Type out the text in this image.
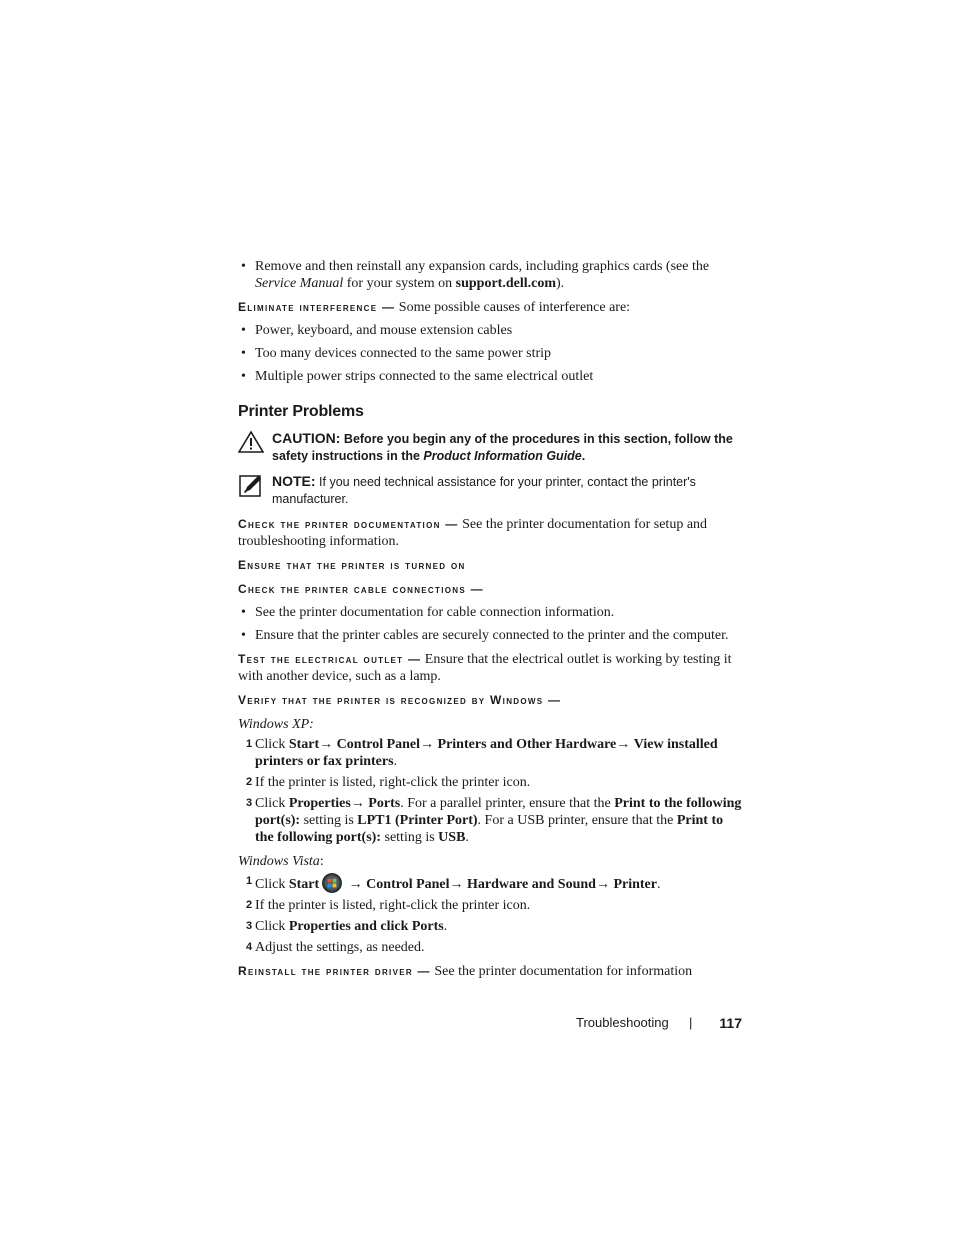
• Remove and then reinstall any expansion cards, including graphics cards (see the Service Manual for your system on support.dell.com).
Eliminate interference — Some possible causes of interference are:
• Power, keyboard, and mouse extension cables
• Too many devices connected to the same power strip
• Multiple power strips connected to the same electrical outlet
Printer Problems
CAUTION: Before you begin any of the procedures in this section, follow the safety instructions in the Product Information Guide.
NOTE: If you need technical assistance for your printer, contact the printer's manufacturer.
Check the printer documentation — See the printer documentation for setup and troubleshooting information.
Ensure that the printer is turned on
Check the printer cable connections —
• See the printer documentation for cable connection information.
• Ensure that the printer cables are securely connected to the printer and the computer.
Test the electrical outlet — Ensure that the electrical outlet is working by testing it with another device, such as a lamp.
Verify that the printer is recognized by Windows —
Windows XP:
1 Click Start→ Control Panel→ Printers and Other Hardware→ View installed printers or fax printers.
2 If the printer is listed, right-click the printer icon.
3 Click Properties→ Ports. For a parallel printer, ensure that the Print to the following port(s): setting is LPT1 (Printer Port). For a USB printer, ensure that the Print to the following port(s): setting is USB.
Windows Vista:
1 Click Start → Control Panel→ Hardware and Sound→ Printer.
2 If the printer is listed, right-click the printer icon.
3 Click Properties and click Ports.
4 Adjust the settings, as needed.
Reinstall the printer driver — See the printer documentation for information
Troubleshooting | 117
